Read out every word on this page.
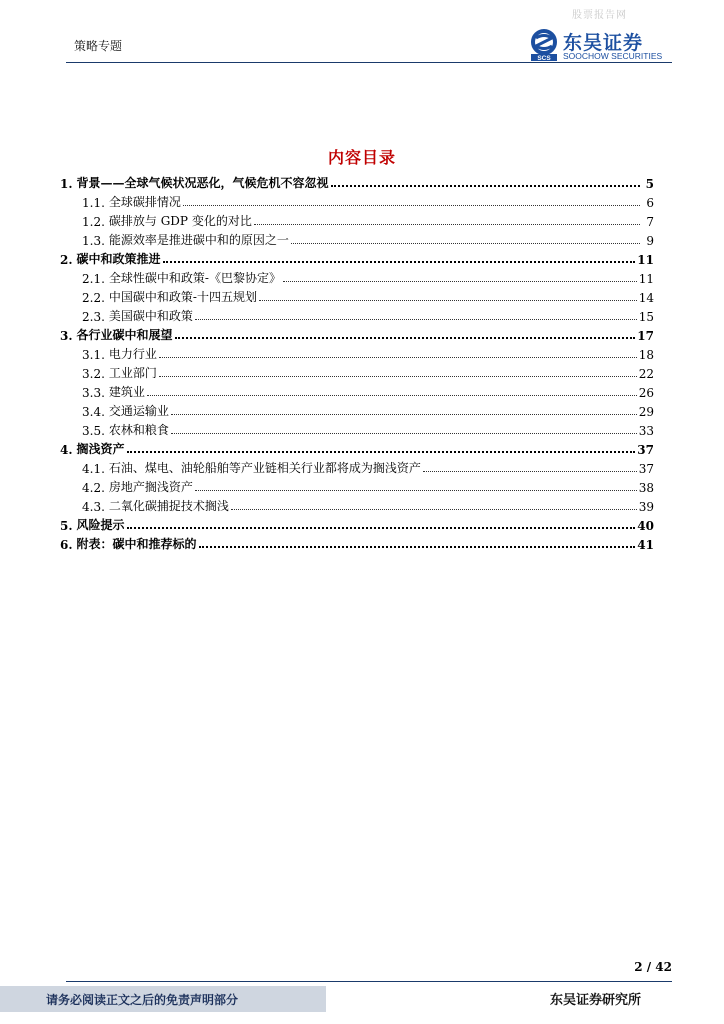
股票报告网
策略专题
SCS
东吴证券
SOOCHOW SECURITIES
内容目录
1. 背景——全球气候状况恶化，气候危机不容忽视	5
1.1. 全球碳排情况	6
1.2. 碳排放与 GDP 变化的对比	7
1.3. 能源效率是推进碳中和的原因之一	9
2. 碳中和政策推进	11
2.1. 全球性碳中和政策-《巴黎协定》	11
2.2. 中国碳中和政策-十四五规划	14
2.3. 美国碳中和政策	15
3. 各行业碳中和展望	17
3.1. 电力行业	18
3.2. 工业部门	22
3.3. 建筑业	26
3.4. 交通运输业	29
3.5. 农林和粮食	33
4. 搁浅资产	37
4.1. 石油、煤电、油轮船舶等产业链相关行业都将成为搁浅资产	37
4.2. 房地产搁浅资产	38
4.3. 二氧化碳捕捉技术搁浅	39
5. 风险提示	40
6. 附表：碳中和推荐标的	41
2 / 42
请务必阅读正文之后的免责声明部分	东吴证券研究所
